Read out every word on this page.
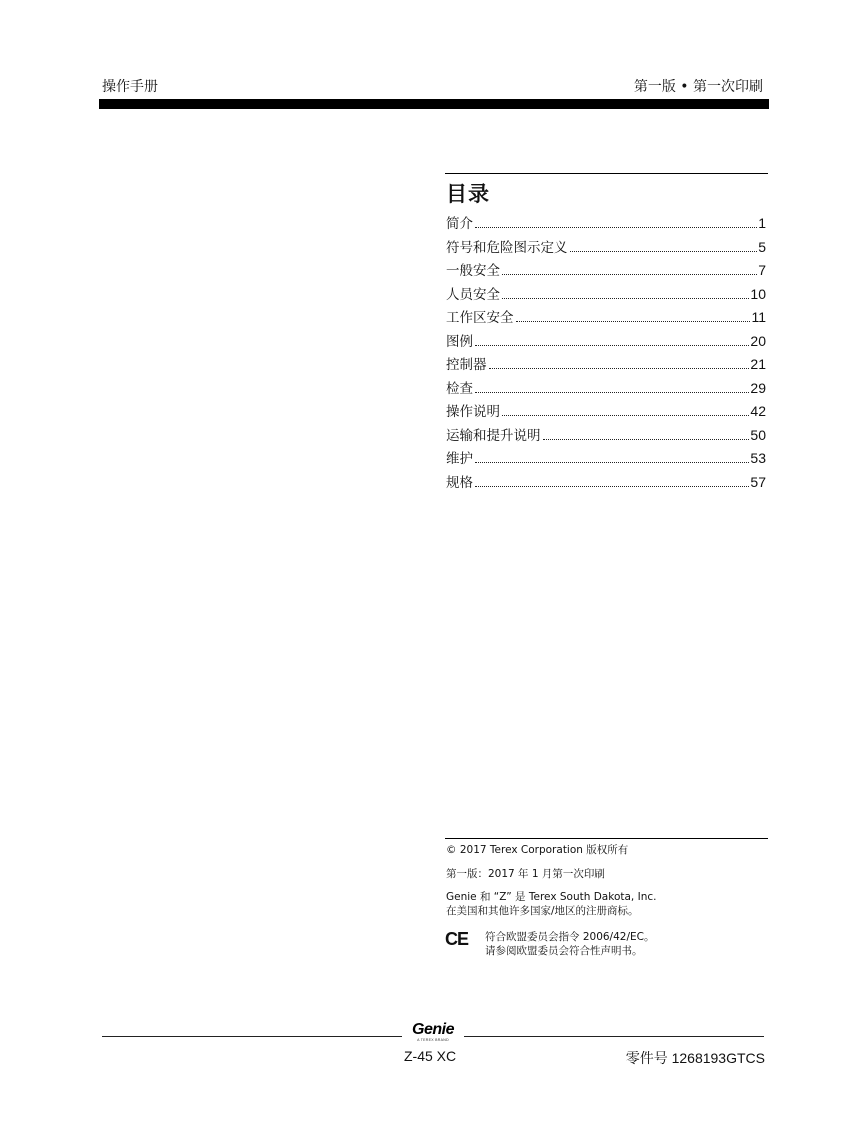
操作手册	第一版 • 第一次印刷
目录
简介	1
符号和危险图示定义	5
一般安全	7
人员安全	10
工作区安全	11
图例	20
控制器	21
检查	29
操作说明	42
运输和提升说明	50
维护	53
规格	57
© 2017 Terex Corporation 版权所有
第一版：2017 年 1 月第一次印刷
Genie 和 “Z” 是 Terex South Dakota, Inc.
在美国和其他许多国家/地区的注册商标。
CE 符合欧盟委员会指令 2006/42/EC。
请参阅欧盟委员会符合性声明书。
Genie
A TEREX BRAND
Z-45 XC	零件号 1268193GTCS
